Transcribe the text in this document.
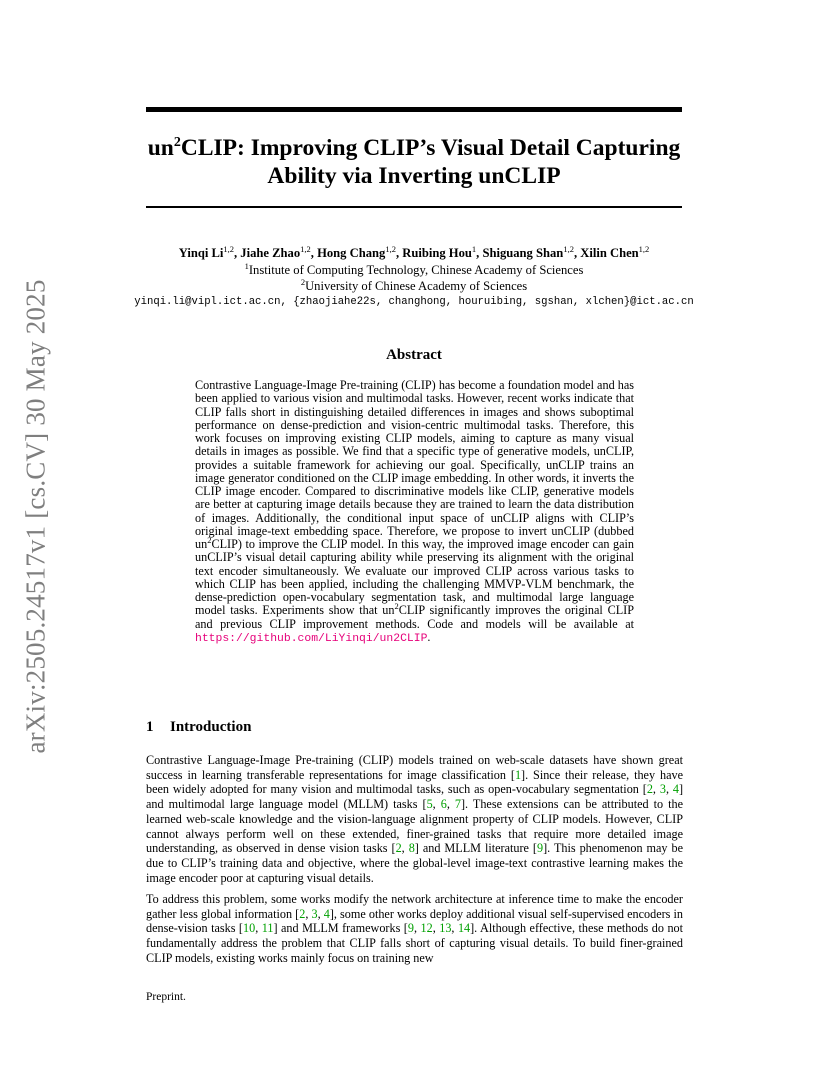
arXiv:2505.24517v1 [cs.CV] 30 May 2025
$un^2CLIP$: Improving CLIP’s Visual Detail Capturing
Ability via Inverting unCLIP
Yinqi Li$^{1,2}$, Jiahe Zhao$^{1,2}$, Hong Chang$^{1,2}$, Ruibing Hou$^1$, Shiguang Shan$^{1,2}$, Xilin Chen$^{1,2}$
$^1$Institute of Computing Technology, Chinese Academy of Sciences
$^2$University of Chinese Academy of Sciences
yinqi.li@vipl.ict.ac.cn, {zhaojiahe22s, changhong, houruibing, sgshan, xlchen}@ict.ac.cn
Abstract

Contrastive Language-Image Pre-training (CLIP) has become a foundation model and has been applied to various vision and multimodal tasks. However, recent works indicate that CLIP falls short in distinguishing detailed differences in images and shows suboptimal performance on dense-prediction and vision-centric multimodal tasks. Therefore, this work focuses on improving existing CLIP models, aiming to capture as many visual details in images as possible. We find that a specific type of generative models, unCLIP, provides a suitable framework for achieving our goal. Specifically, unCLIP trains an image generator conditioned on the CLIP image embedding. In other words, it inverts the CLIP image encoder. Compared to discriminative models like CLIP, generative models are better at capturing image details because they are trained to learn the data distribution of images. Additionally, the conditional input space of unCLIP aligns with CLIP’s original image-text embedding space. Therefore, we propose to invert unCLIP (dubbed $un^2CLIP$) to improve the CLIP model. In this way, the improved image encoder can gain unCLIP’s visual detail capturing ability while preserving its alignment with the original text encoder simultaneously. We evaluate our improved CLIP across various tasks to which CLIP has been applied, including the challenging MMVP-VLM benchmark, the dense-prediction open-vocabulary segmentation task, and multimodal large language model tasks. Experiments show that $un^2CLIP$ significantly improves the original CLIP and previous CLIP improvement methods. Code and models will be available at https://github.com/LiYinqi/un2CLIP.

1 Introduction

Contrastive Language-Image Pre-training (CLIP) models trained on web-scale datasets have shown great success in learning transferable representations for image classification [1]. Since their release, they have been widely adopted for many vision and multimodal tasks, such as open-vocabulary segmentation [2, 3, 4] and multimodal large language model (MLLM) tasks [5, 6, 7]. These extensions can be attributed to the learned web-scale knowledge and the vision-language alignment property of CLIP models. However, CLIP cannot always perform well on these extended, finer-grained tasks that require more detailed image understanding, as observed in dense vision tasks [2, 8] and MLLM literature [9]. This phenomenon may be due to CLIP’s training data and objective, where the global-level image-text contrastive learning makes the image encoder poor at capturing visual details.

To address this problem, some works modify the network architecture at inference time to make the encoder gather less global information [2, 3, 4], some other works deploy additional visual self-supervised encoders in dense-vision tasks [10, 11] and MLLM frameworks [9, 12, 13, 14]. Although effective, these methods do not fundamentally address the problem that CLIP falls short of capturing visual details. To build finer-grained CLIP models, existing works mainly focus on training new

Preprint.
